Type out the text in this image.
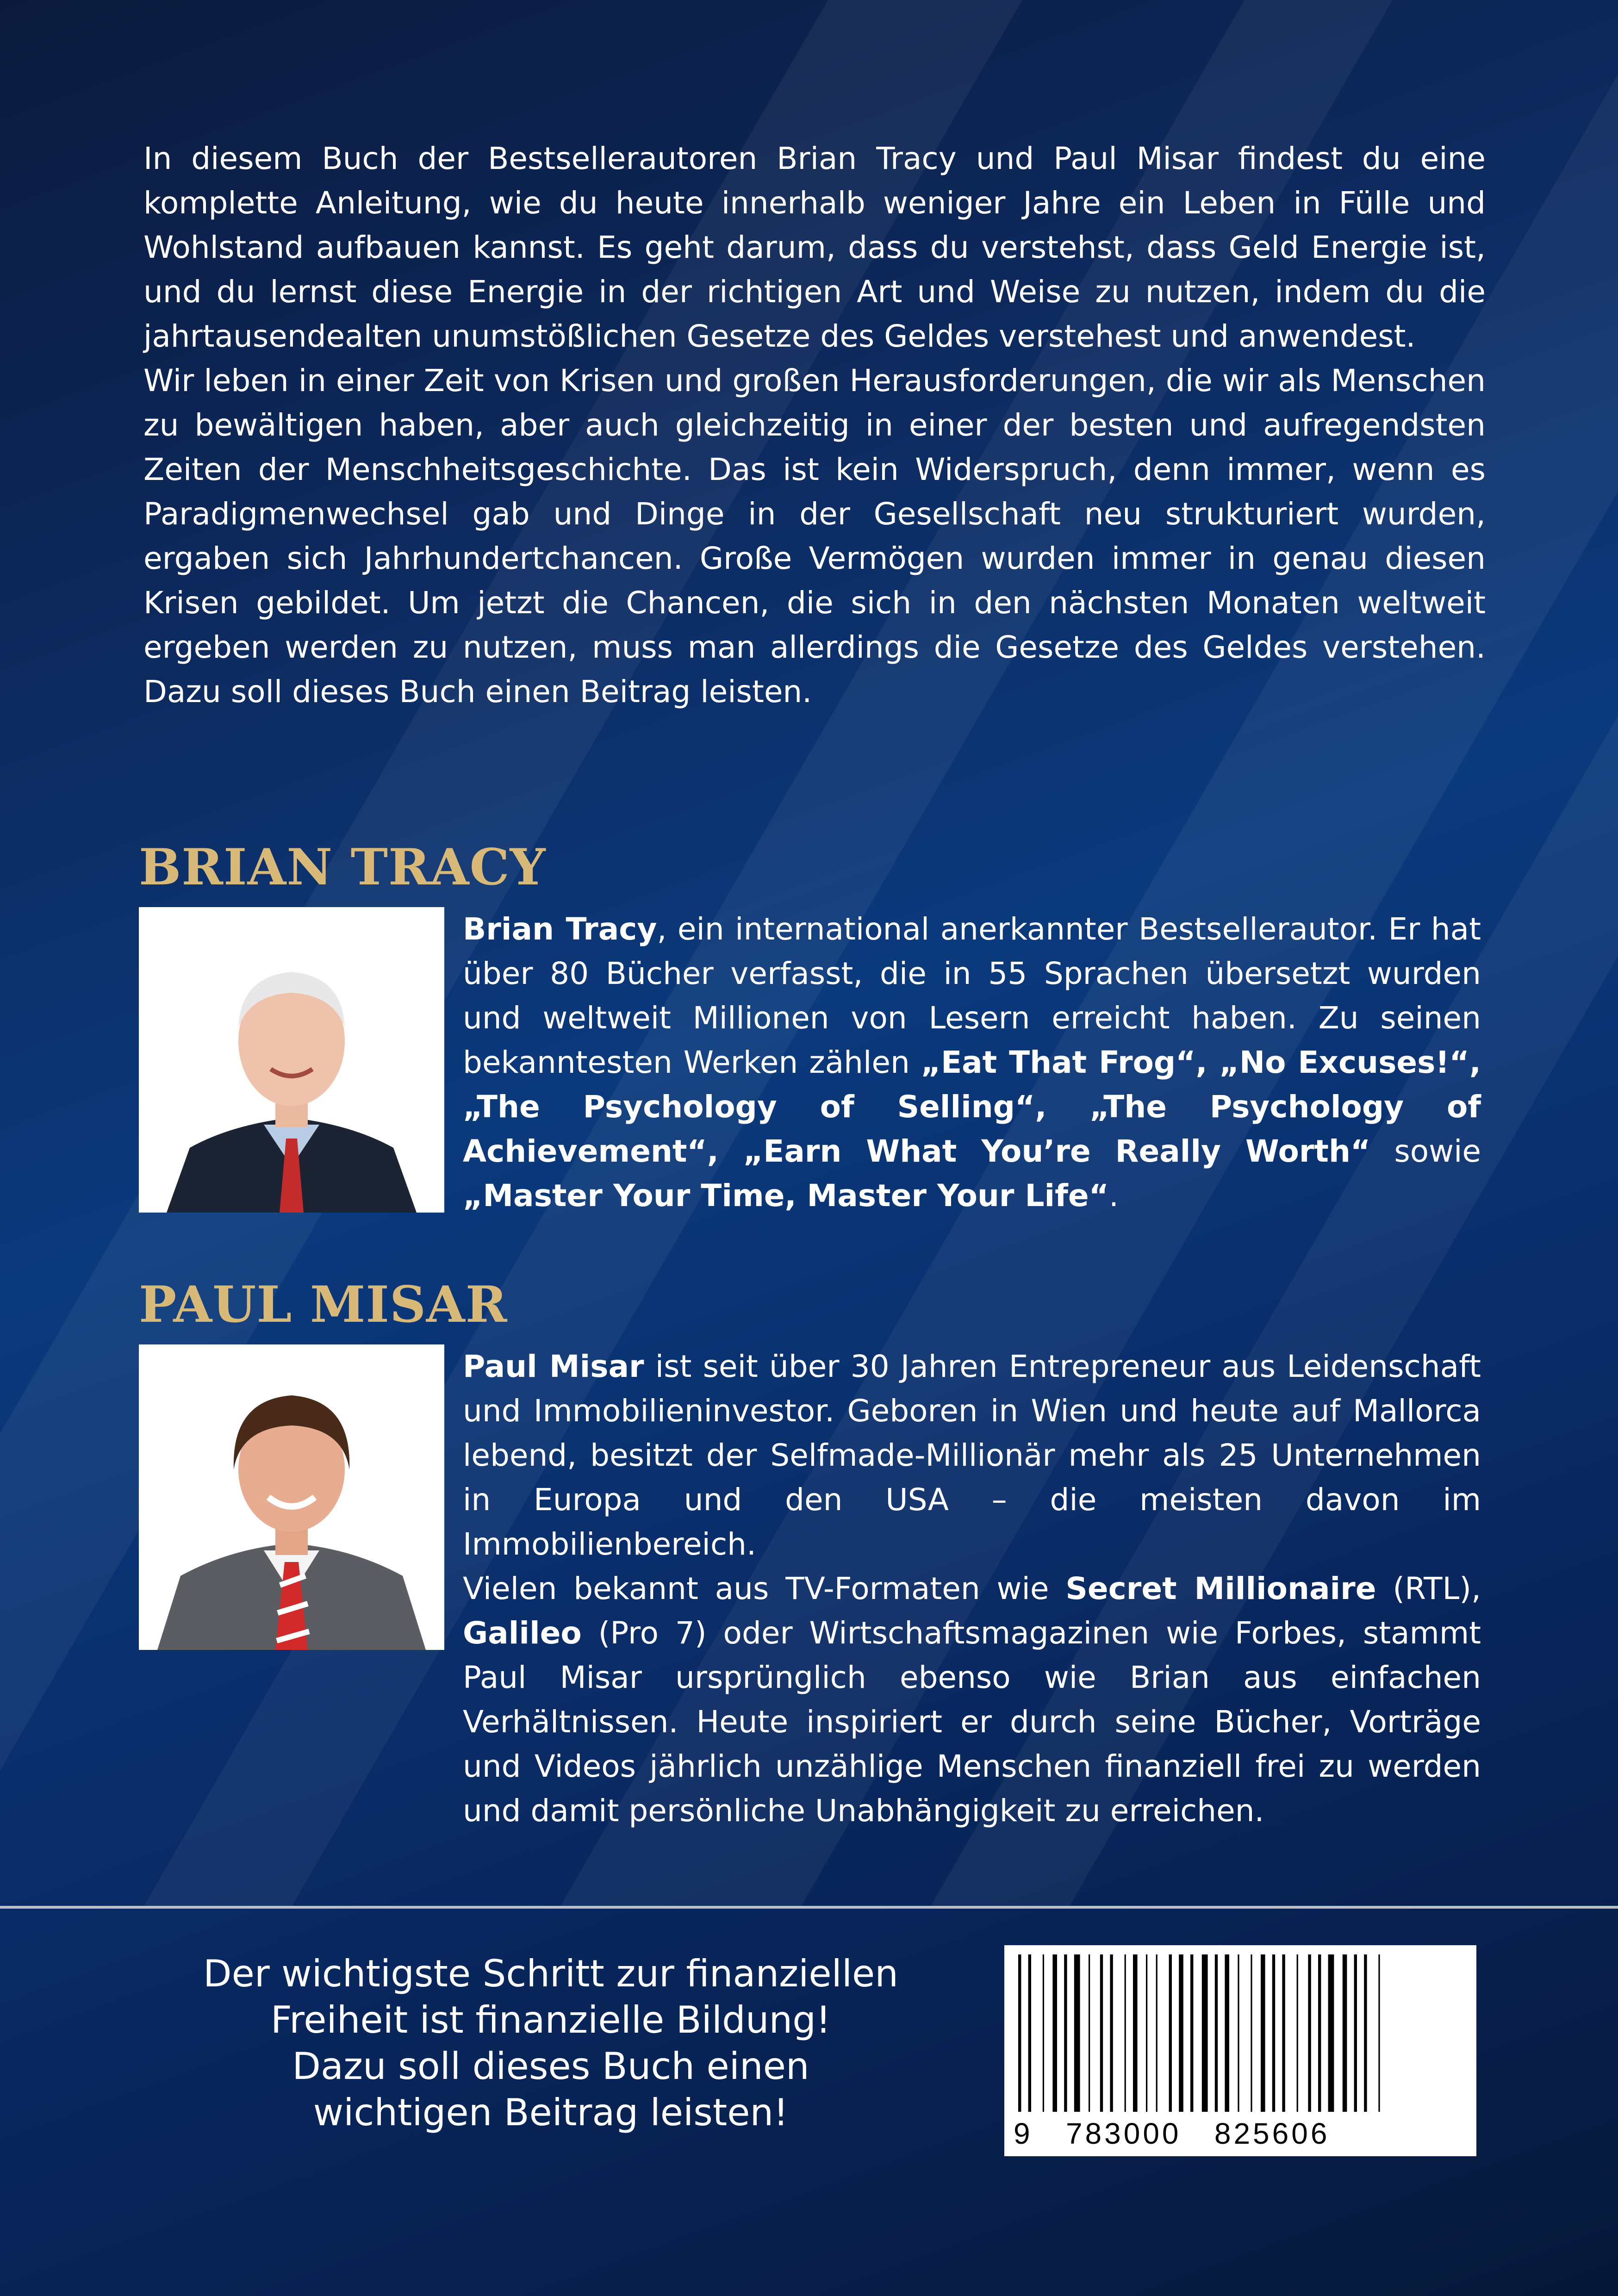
In diesem Buch der Bestsellerautoren Brian Tracy und Paul Misar findest du eine komplette Anleitung, wie du heute innerhalb weniger Jahre ein Leben in Fülle und Wohlstand aufbauen kannst. Es geht darum, dass du verstehst, dass Geld Energie ist, und du lernst diese Energie in der richtigen Art und Weise zu nutzen, indem du die jahrtausendealten unumstößlichen Gesetze des Geldes verstehest und anwendest.

Wir leben in einer Zeit von Krisen und großen Herausforderungen, die wir als Menschen zu bewältigen haben, aber auch gleichzeitig in einer der besten und aufregendsten Zeiten der Menschheitsgeschichte. Das ist kein Widerspruch, denn immer, wenn es Paradigmenwechsel gab und Dinge in der Gesellschaft neu strukturiert wurden, ergaben sich Jahrhundertchancen. Große Vermögen wurden immer in genau diesen Krisen gebildet. Um jetzt die Chancen, die sich in den nächsten Monaten weltweit ergeben werden zu nutzen, muss man allerdings die Gesetze des Geldes verstehen. Dazu soll dieses Buch einen Beitrag leisten.

BRIAN TRACY

Brian Tracy, ein international anerkannter Bestsellerautor. Er hat über 80 Bücher verfasst, die in 55 Sprachen übersetzt wurden und weltweit Millionen von Lesern erreicht haben. Zu seinen bekanntesten Werken zählen „Eat That Frog“, „No Excuses!“, „The Psychology of Selling“, „The Psychology of Achievement“, „Earn What You’re Really Worth“ sowie „Master Your Time, Master Your Life“.

PAUL MISAR

Paul Misar ist seit über 30 Jahren Entrepreneur aus Leidenschaft und Immobilieninvestor. Geboren in Wien und heute auf Mallorca lebend, besitzt der Selfmade-Millionär mehr als 25 Unternehmen in Europa und den USA – die meisten davon im Immobilienbereich.

Vielen bekannt aus TV-Formaten wie Secret Millionaire (RTL), Galileo (Pro 7) oder Wirtschaftsmagazinen wie Forbes, stammt Paul Misar ursprünglich ebenso wie Brian aus einfachen Verhältnissen. Heute inspiriert er durch seine Bücher, Vorträge und Videos jährlich unzählige Menschen finanziell frei zu werden und damit persönliche Unabhängigkeit zu erreichen.

Der wichtigste Schritt zur finanziellen
Freiheit ist finanzielle Bildung!
Dazu soll dieses Buch einen
wichtigen Beitrag leisten!	9   783000   825606
